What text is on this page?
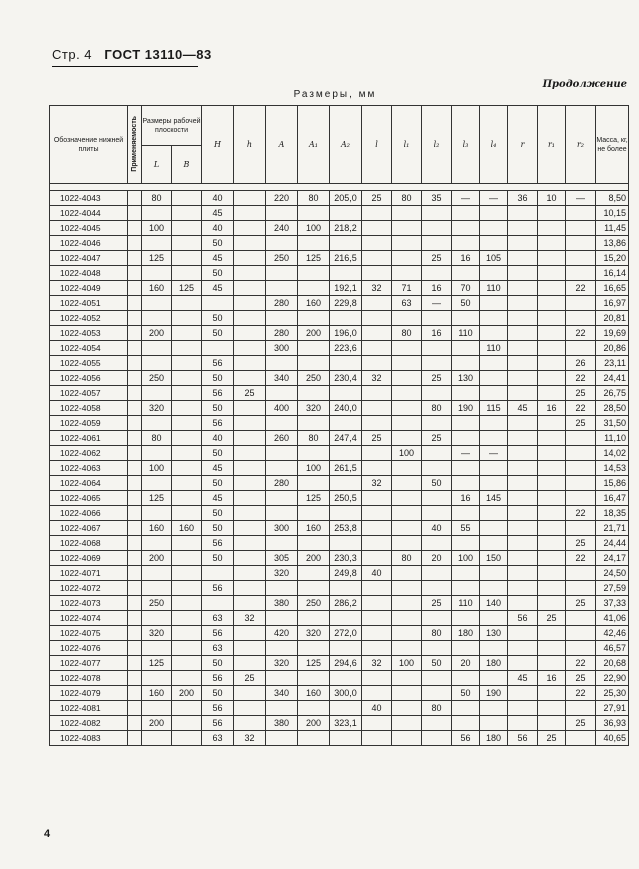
Стр. 4 ГОСТ 13110—83
Продолжение
Размеры, мм
Обозначение нижней плиты	Применяемость	Размеры рабочей плоскости		H	h	A	A₁	A₂	l	l₁	l₂	l₃	l₄	r	r₁	r₂	Масса, кг, не более
		L	B														

1022-4043		80		40		220	80	205,0	25	80	35	—	—	36	10	—	8,50
1022-4044				45													10,15
1022-4045		100		40		240	100	218,2									11,45
1022-4046				50													13,86
1022-4047		125		45		250	125	216,5			25	16	105				15,20
1022-4048				50													16,14
1022-4049		160	125	45				192,1	32	71	16	70	110			22	16,65
1022-4051						280	160	229,8		63	—	50					16,97
1022-4052				50													20,81
1022-4053		200		50		280	200	196,0		80	16	110				22	19,69
1022-4054						300		223,6					110				20,86
1022-4055				56												26	23,11
1022-4056		250		50		340	250	230,4	32		25	130				22	24,41
1022-4057				56	25											25	26,75
1022-4058		320		50		400	320	240,0			80	190	115	45	16	22	28,50
1022-4059				56												25	31,50
1022-4061		80		40		260	80	247,4	25		25						11,10
1022-4062				50						100		—	—				14,02
1022-4063		100		45			100	261,5									14,53
1022-4064				50		280			32		50						15,86
1022-4065		125		45			125	250,5				16	145				16,47
1022-4066				50												22	18,35
1022-4067		160	160	50		300	160	253,8			40	55					21,71
1022-4068				56												25	24,44
1022-4069		200		50		305	200	230,3		80	20	100	150			22	24,17
1022-4071						320		249,8	40								24,50
1022-4072				56													27,59
1022-4073		250				380	250	286,2			25	110	140			25	37,33
1022-4074				63	32									56	25		41,06
1022-4075		320		56		420	320	272,0			80	180	130				42,46
1022-4076				63													46,57
1022-4077		125		50		320	125	294,6	32	100	50	20	180			22	20,68
1022-4078				56	25									45	16	25	22,90
1022-4079		160	200	50		340	160	300,0				50	190			22	25,30
1022-4081				56					40		80						27,91
1022-4082		200		56		380	200	323,1								25	36,93
1022-4083				63	32							56	180	56	25		40,65
4
